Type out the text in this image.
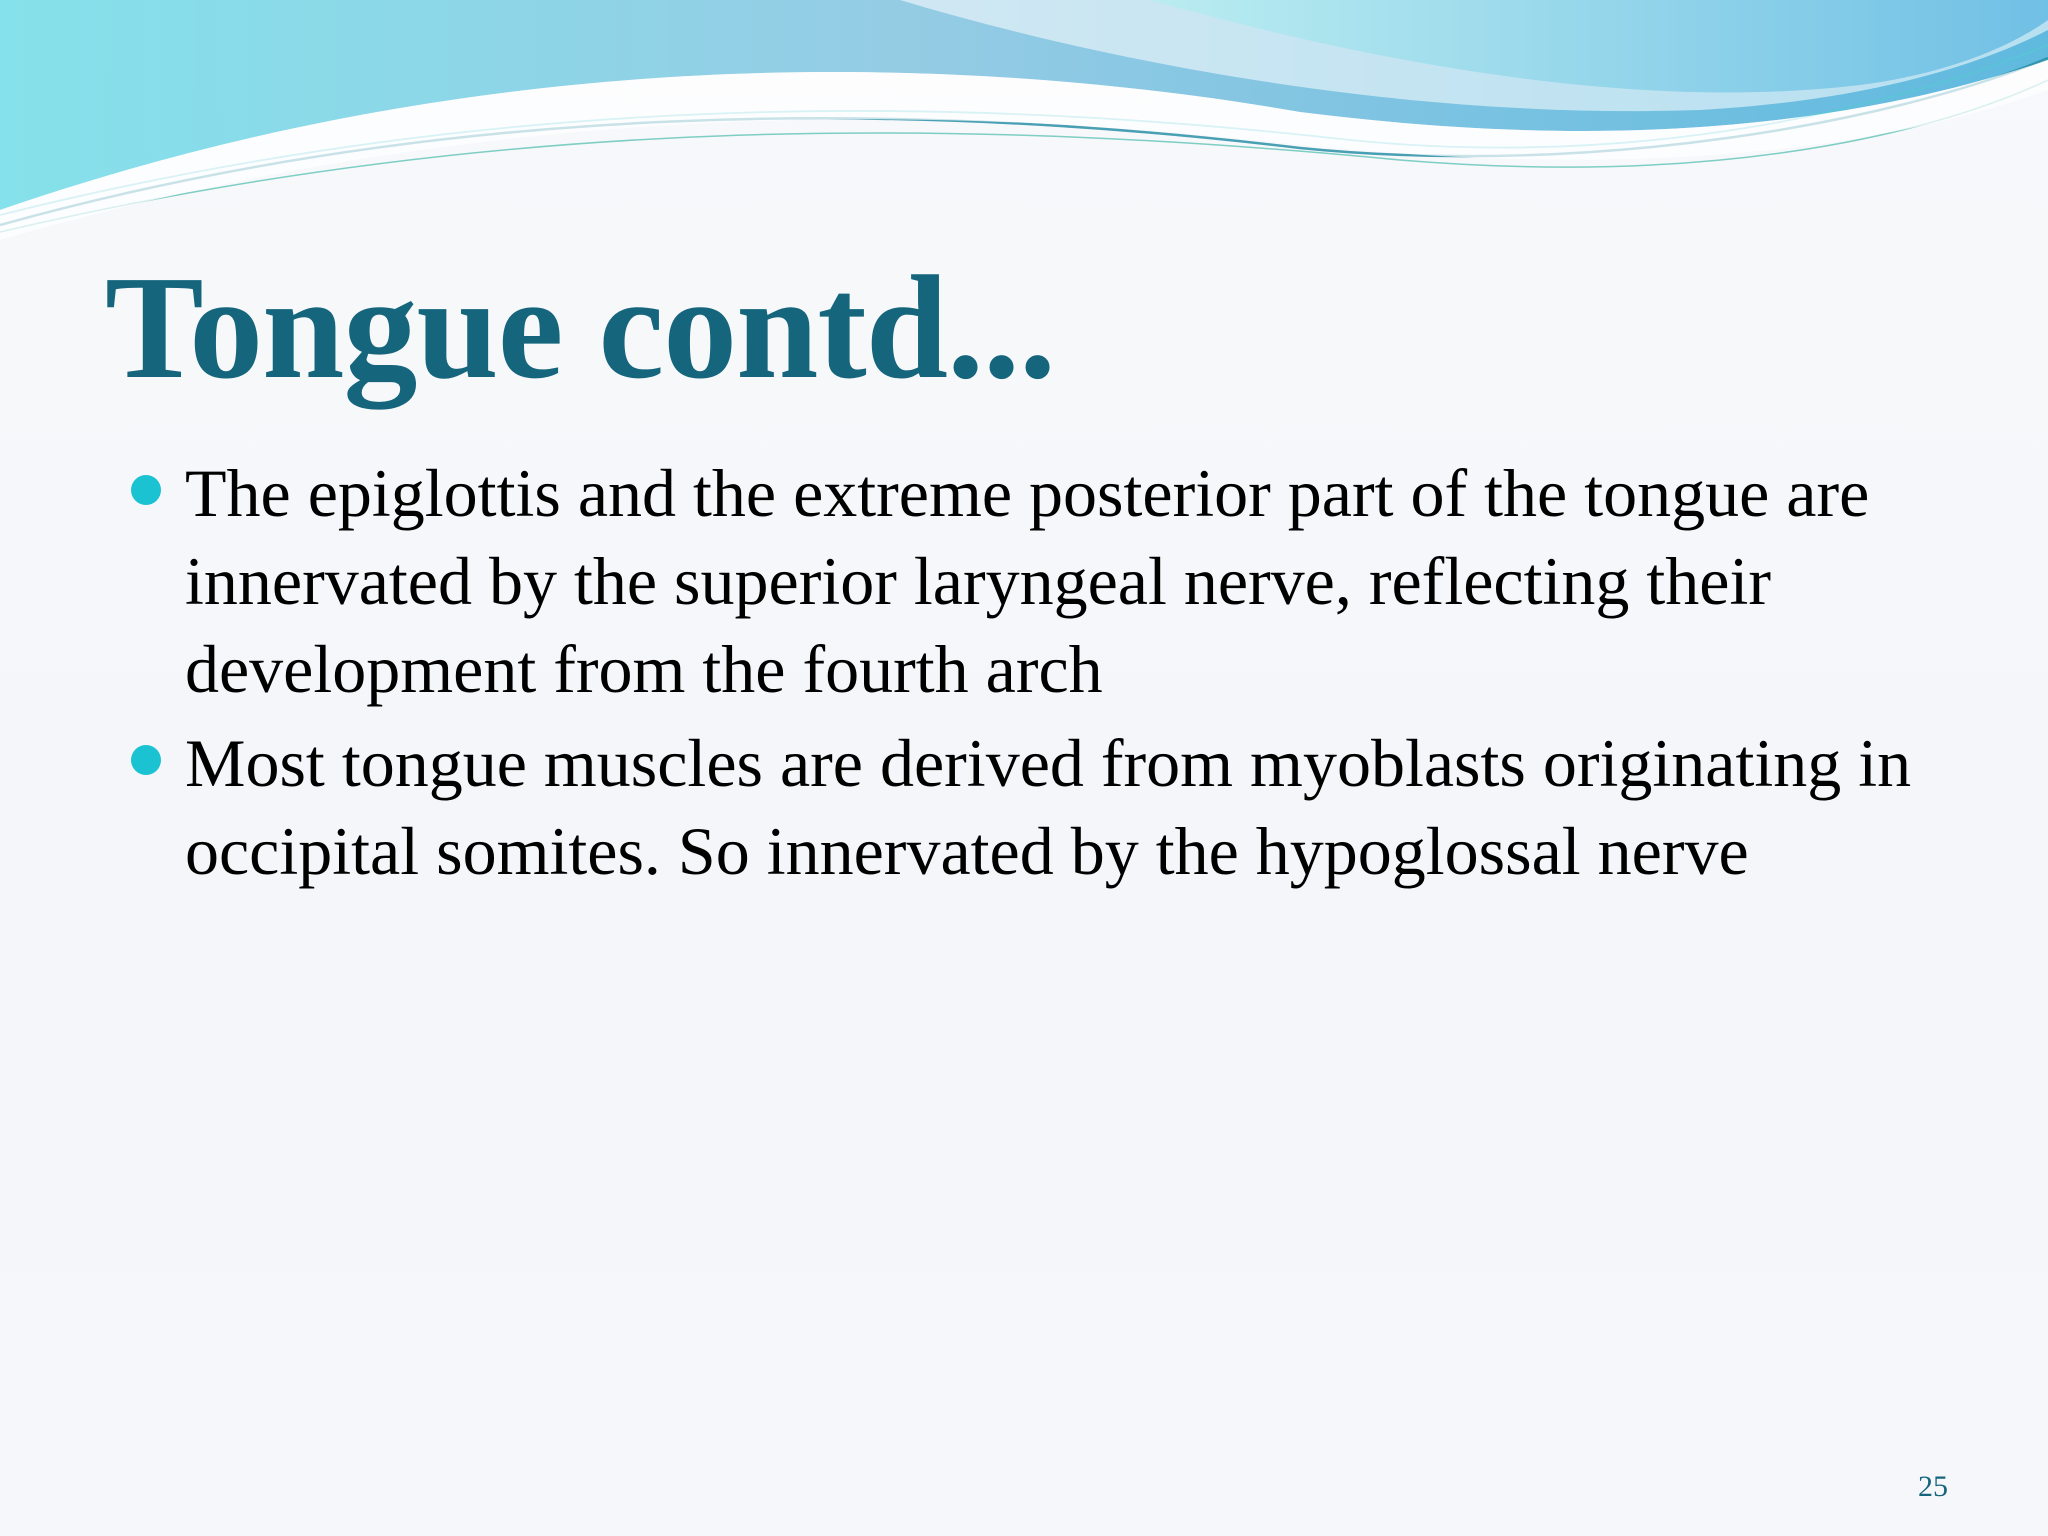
Tongue contd...
The epiglottis and the extreme posterior part of the tongue are innervated by the superior laryngeal nerve, reflecting their development from the fourth arch
Most tongue muscles are derived from myoblasts originating in occipital somites. So innervated by the hypoglossal nerve
25
